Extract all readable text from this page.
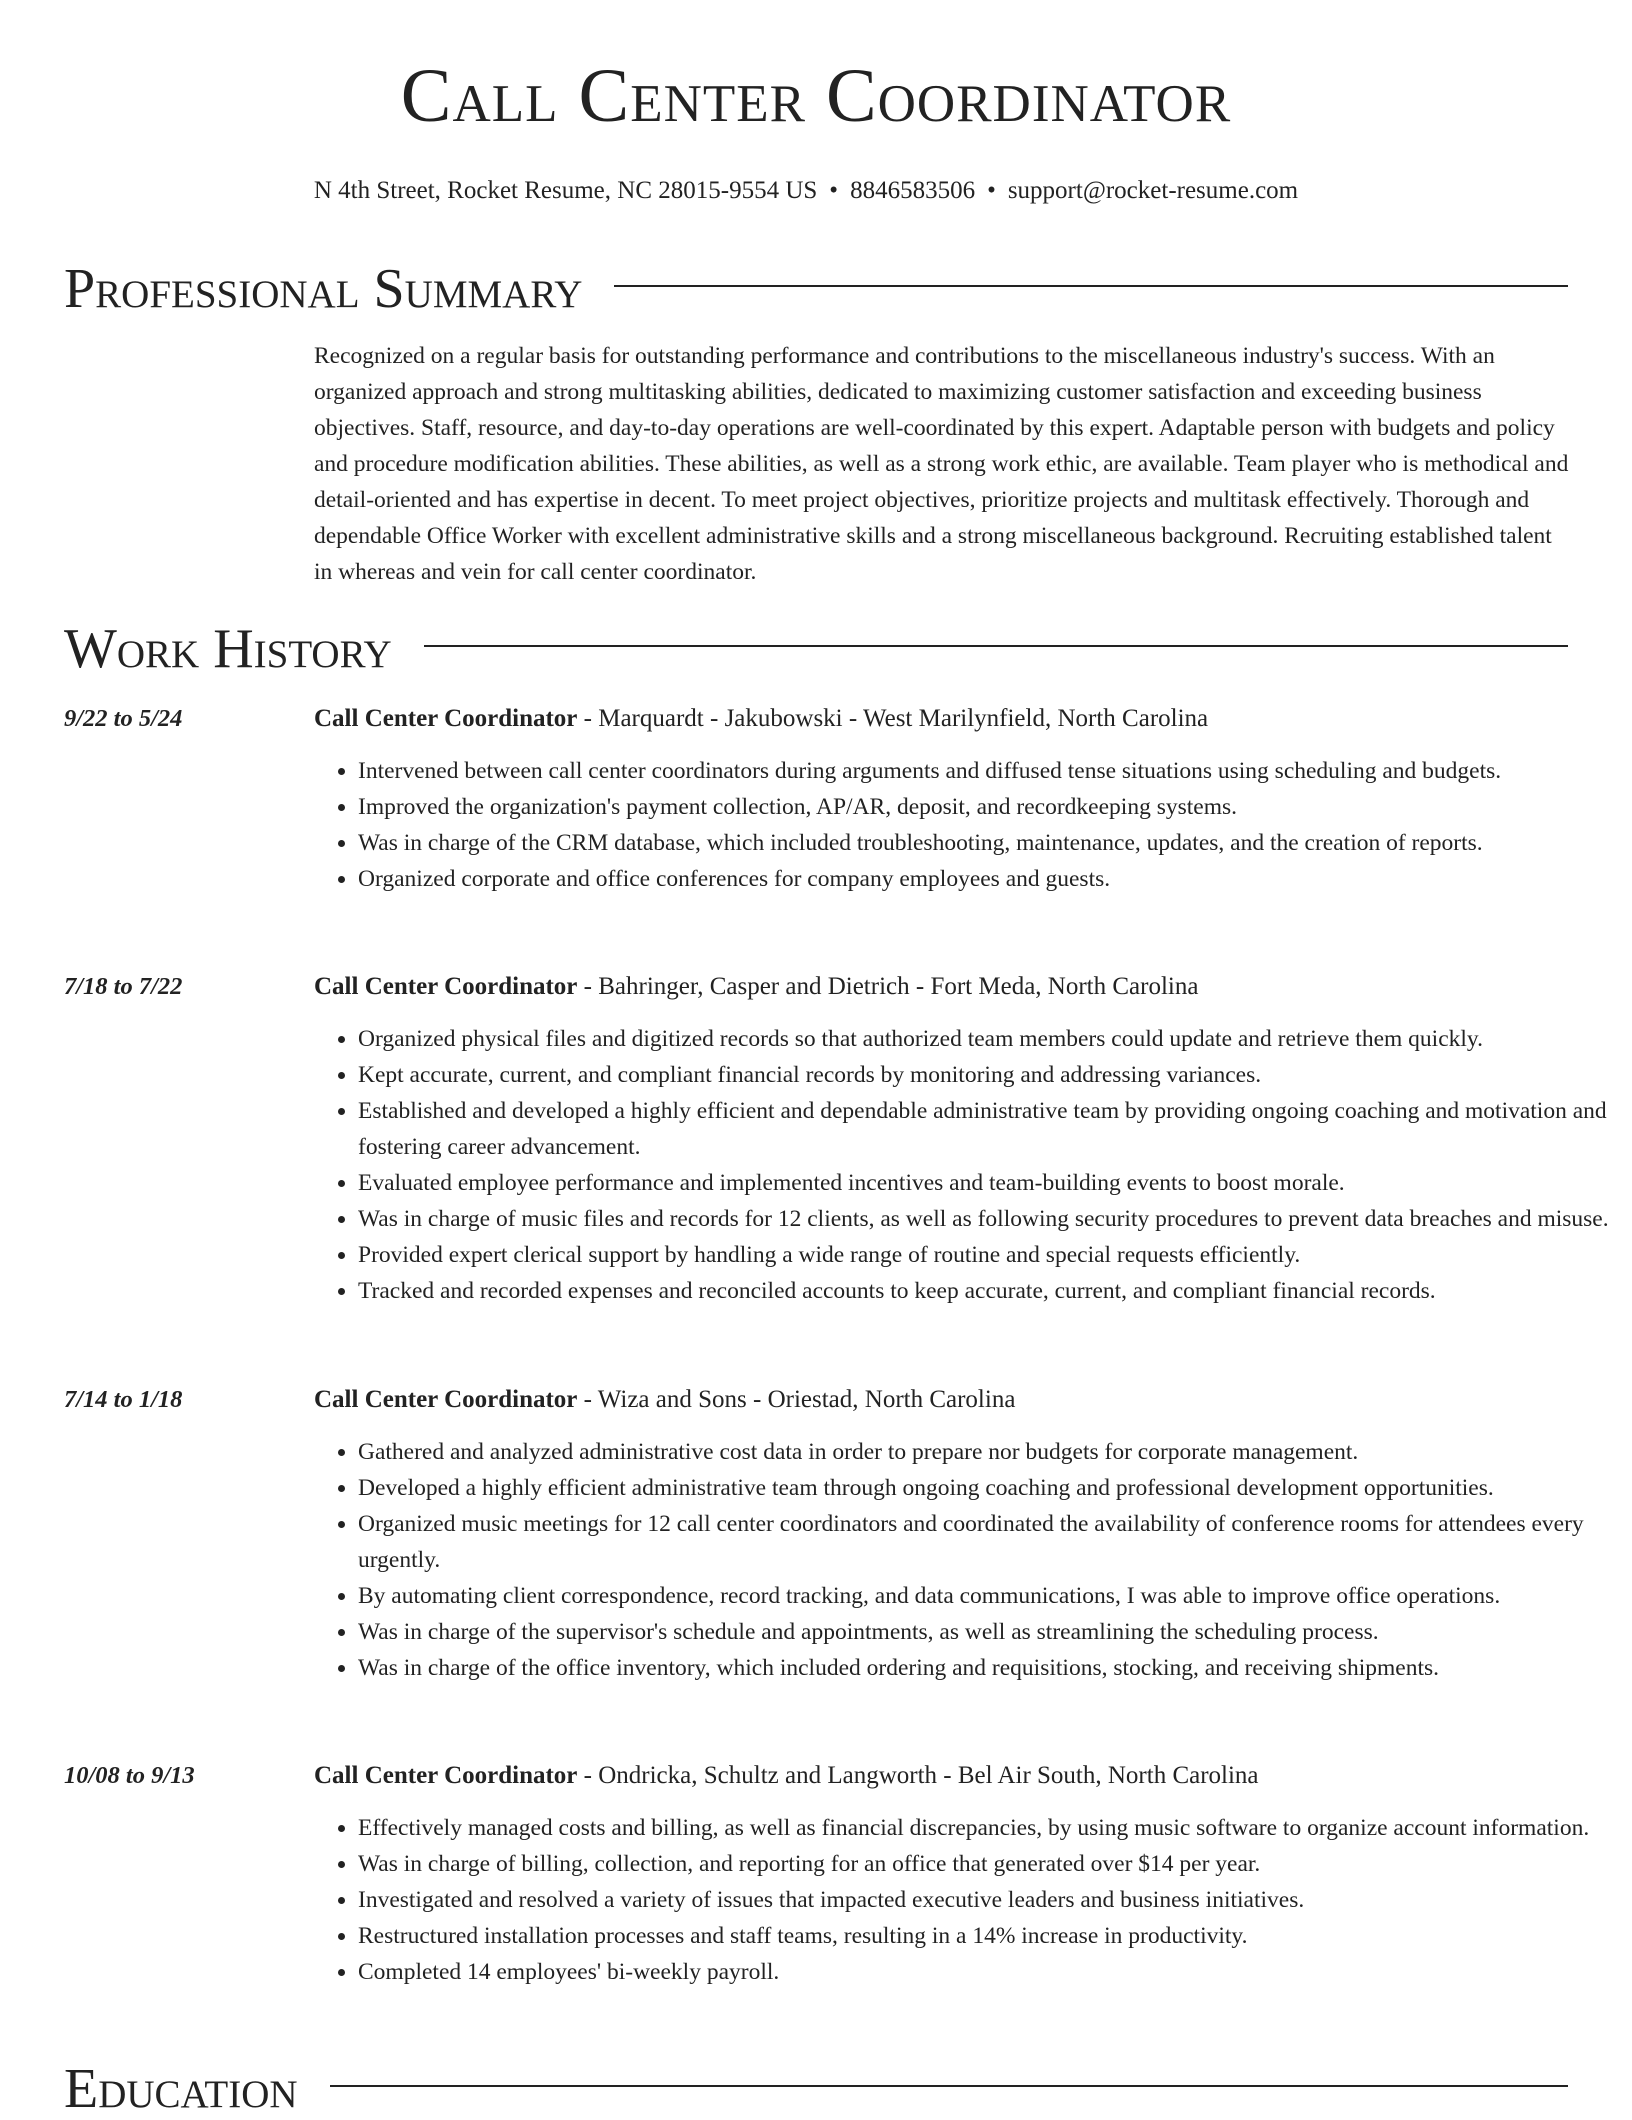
Call Center Coordinator
N 4th Street, Rocket Resume, NC 28015-9554 US • 8846583506 • support@rocket-resume.com
Professional Summary
Recognized on a regular basis for outstanding performance and contributions to the miscellaneous industry's success. With an organized approach and strong multitasking abilities, dedicated to maximizing customer satisfaction and exceeding business objectives. Staff, resource, and day-to-day operations are well-coordinated by this expert. Adaptable person with budgets and policy and procedure modification abilities. These abilities, as well as a strong work ethic, are available. Team player who is methodical and detail-oriented and has expertise in decent. To meet project objectives, prioritize projects and multitask effectively. Thorough and dependable Office Worker with excellent administrative skills and a strong miscellaneous background. Recruiting established talent in whereas and vein for call center coordinator.
Work History
9/22 to 5/24	Call Center Coordinator - Marquardt - Jakubowski - West Marilynfield, North Carolina
• Intervened between call center coordinators during arguments and diffused tense situations using scheduling and budgets.
• Improved the organization's payment collection, AP/AR, deposit, and recordkeeping systems.
• Was in charge of the CRM database, which included troubleshooting, maintenance, updates, and the creation of reports.
• Organized corporate and office conferences for company employees and guests.
7/18 to 7/22	Call Center Coordinator - Bahringer, Casper and Dietrich - Fort Meda, North Carolina
• Organized physical files and digitized records so that authorized team members could update and retrieve them quickly.
• Kept accurate, current, and compliant financial records by monitoring and addressing variances.
• Established and developed a highly efficient and dependable administrative team by providing ongoing coaching and motivation and fostering career advancement.
• Evaluated employee performance and implemented incentives and team-building events to boost morale.
• Was in charge of music files and records for 12 clients, as well as following security procedures to prevent data breaches and misuse.
• Provided expert clerical support by handling a wide range of routine and special requests efficiently.
• Tracked and recorded expenses and reconciled accounts to keep accurate, current, and compliant financial records.
7/14 to 1/18	Call Center Coordinator - Wiza and Sons - Oriestad, North Carolina
• Gathered and analyzed administrative cost data in order to prepare nor budgets for corporate management.
• Developed a highly efficient administrative team through ongoing coaching and professional development opportunities.
• Organized music meetings for 12 call center coordinators and coordinated the availability of conference rooms for attendees every urgently.
• By automating client correspondence, record tracking, and data communications, I was able to improve office operations.
• Was in charge of the supervisor's schedule and appointments, as well as streamlining the scheduling process.
• Was in charge of the office inventory, which included ordering and requisitions, stocking, and receiving shipments.
10/08 to 9/13	Call Center Coordinator - Ondricka, Schultz and Langworth - Bel Air South, North Carolina
• Effectively managed costs and billing, as well as financial discrepancies, by using music software to organize account information.
• Was in charge of billing, collection, and reporting for an office that generated over $14 per year.
• Investigated and resolved a variety of issues that impacted executive leaders and business initiatives.
• Restructured installation processes and staff teams, resulting in a 14% increase in productivity.
• Completed 14 employees' bi-weekly payroll.
Education
